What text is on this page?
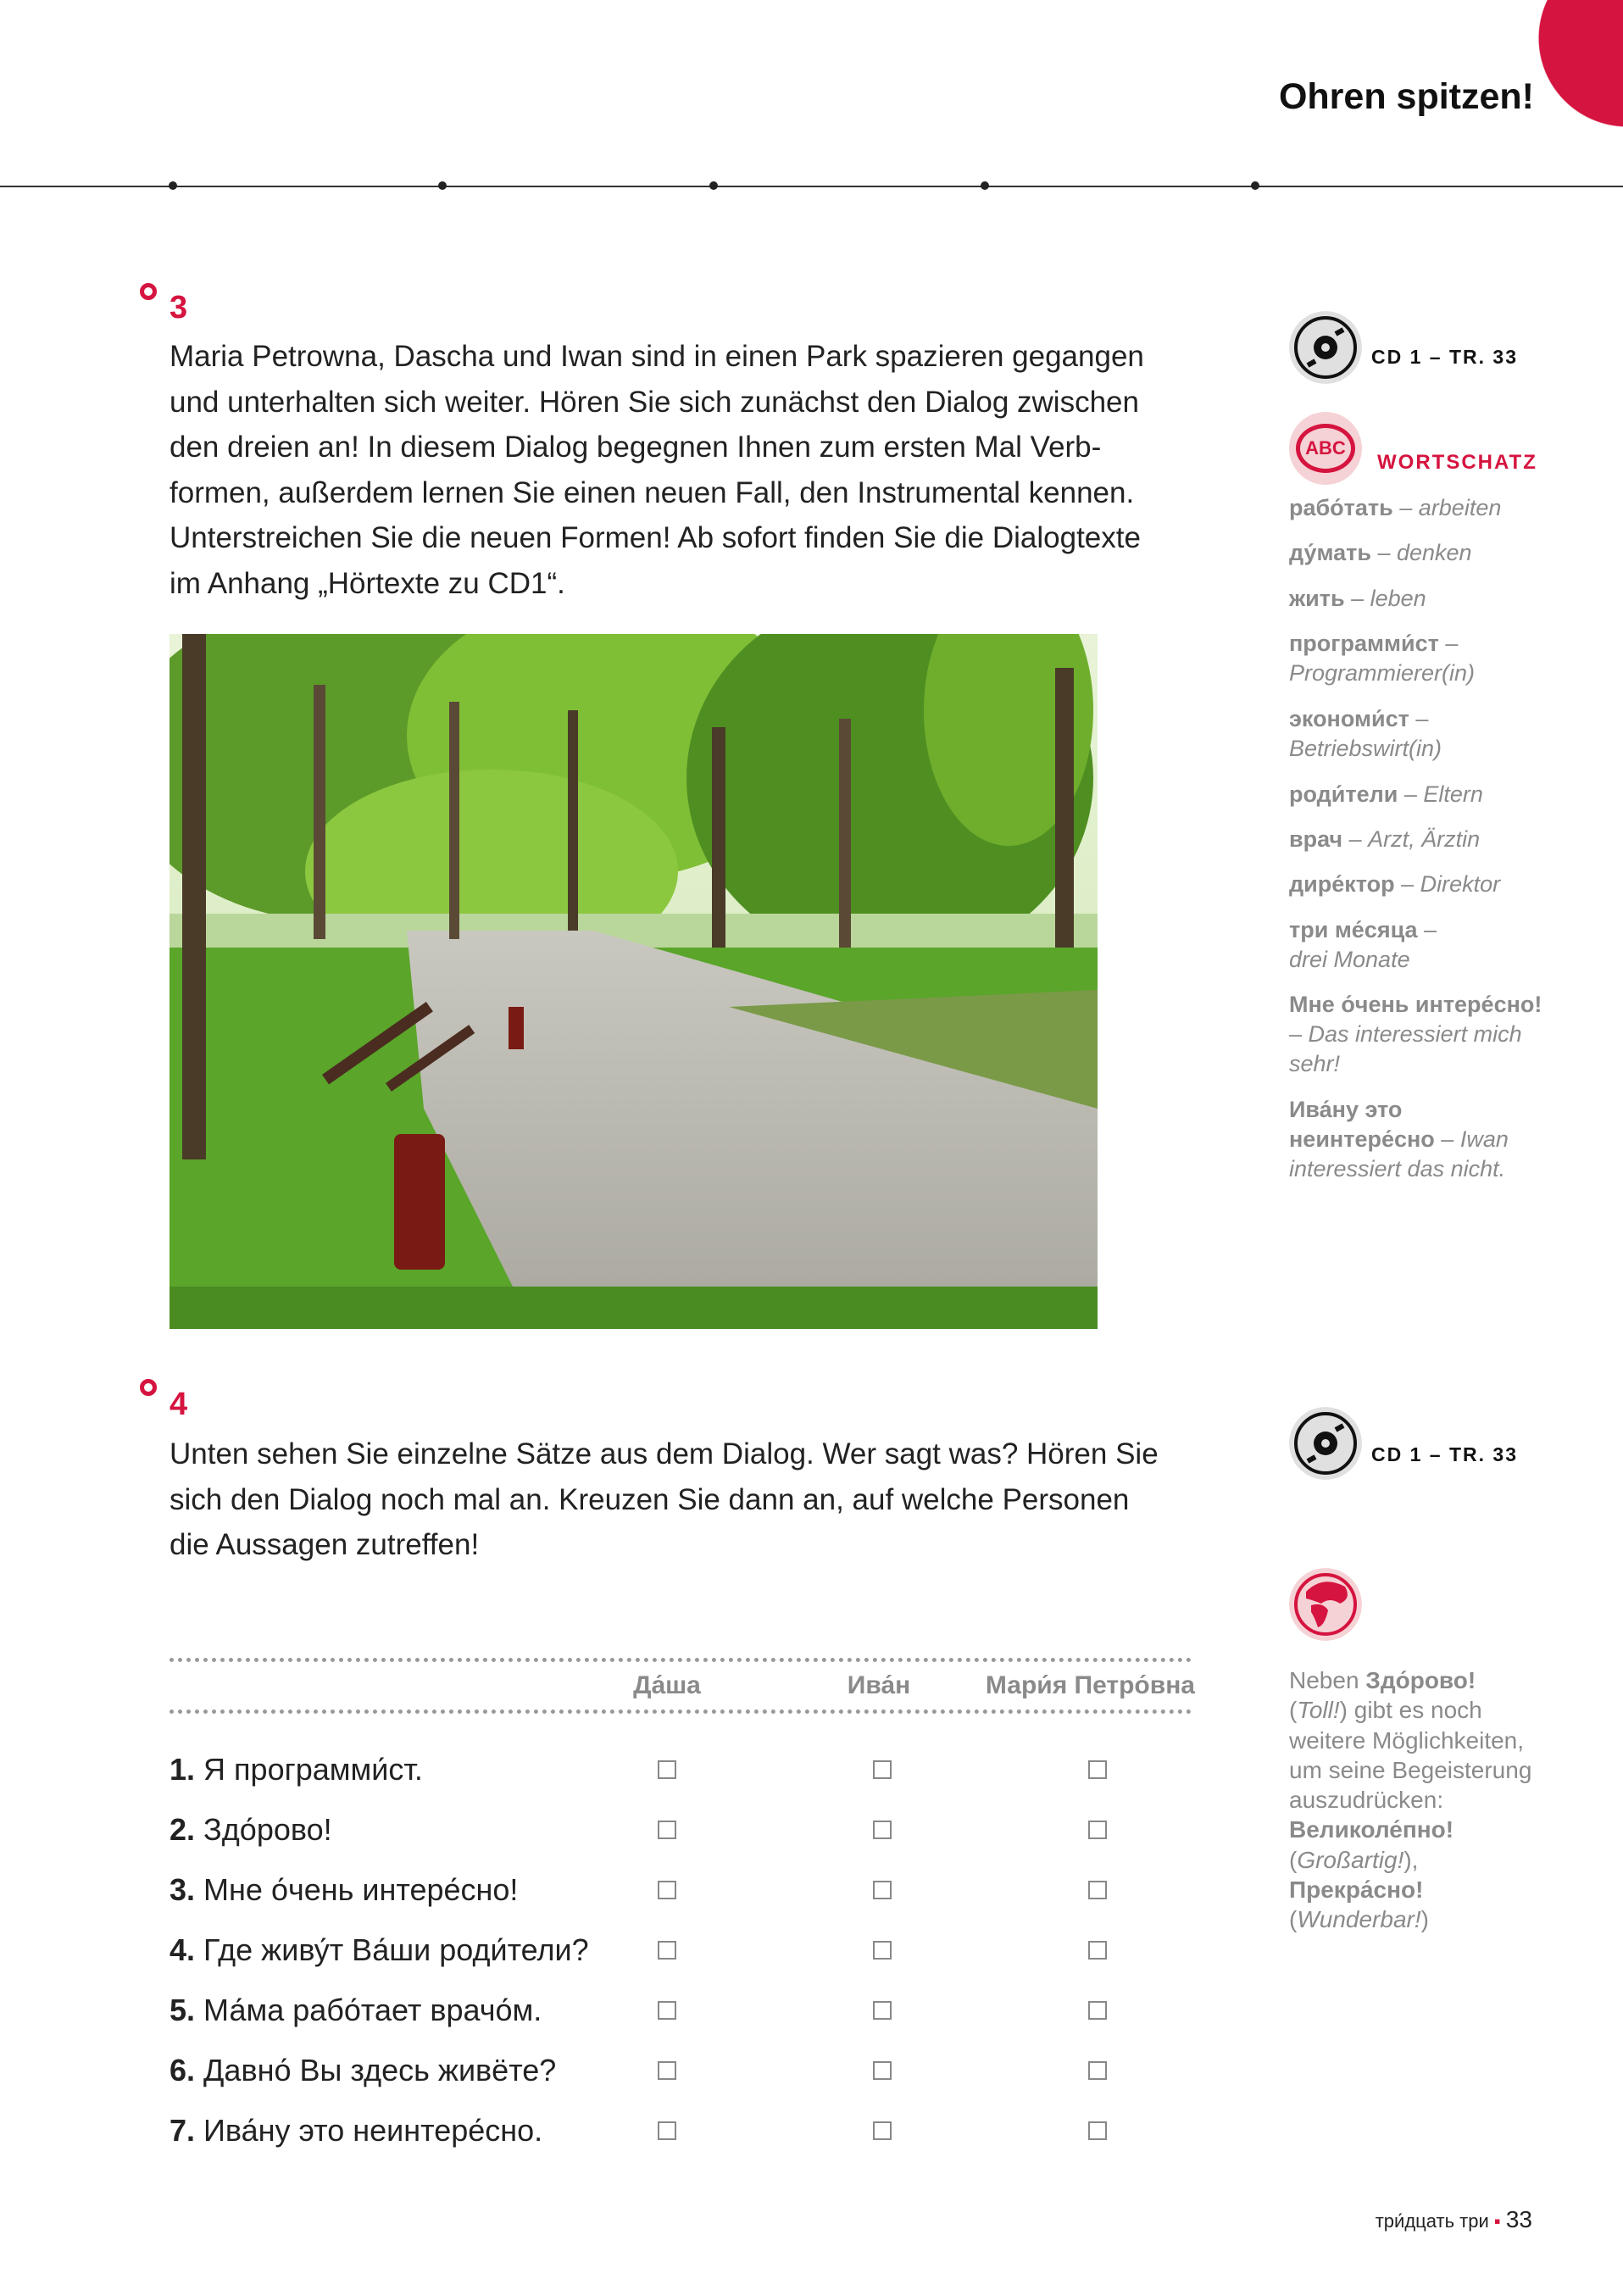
Ohren spitzen!
3
Maria Petrowna, Dascha und Iwan sind in einen Park spazieren gegangen
und unterhalten sich weiter. Hören Sie sich zunächst den Dialog zwischen
den dreien an! In diesem Dialog begegnen Ihnen zum ersten Mal Verb-
formen, außerdem lernen Sie einen neuen Fall, den Instrumental kennen.
Unterstreichen Sie die neuen Formen! Ab sofort finden Sie die Dialogtexte
im Anhang „Hörtexte zu CD1“.
4
Unten sehen Sie einzelne Sätze aus dem Dialog. Wer sagt was? Hören Sie
sich den Dialog noch mal an. Kreuzen Sie dann an, auf welche Personen
die Aussagen zutreffen!
Да́ша	Ива́н	Мари́я Петро́вна
1. Я программи́ст.
2. Здо́рово!
3. Мне о́чень интере́сно!
4. Где живу́т Ва́ши роди́тели?
5. Ма́ма рабо́тает врачо́м.
6. Давно́ Вы здесь живёте?
7. Ива́ну это неинтере́сно.
CD 1 – TR. 33
ABC
WORTSCHATZ
рабо́тать – arbeiten
ду́мать – denken
жить – leben
программи́ст –
Programmierer(in)
экономи́ст –
Betriebswirt(in)
роди́тели – Eltern
врач – Arzt, Ärztin
дире́ктор – Direktor
три ме́сяца –
drei Monate
Мне о́чень интере́сно! – Das interessiert mich sehr!
Ива́ну это неинтере́сно – Iwan interessiert das nicht.
CD 1 – TR. 33
Neben Здо́рово!
(Toll!) gibt es noch weitere Möglichkeiten, um seine Begeisterung auszudrücken:
Великоле́пно!
(Großartig!),
Прекра́сно!
(Wunderbar!)
три́дцать три ▪ 33
